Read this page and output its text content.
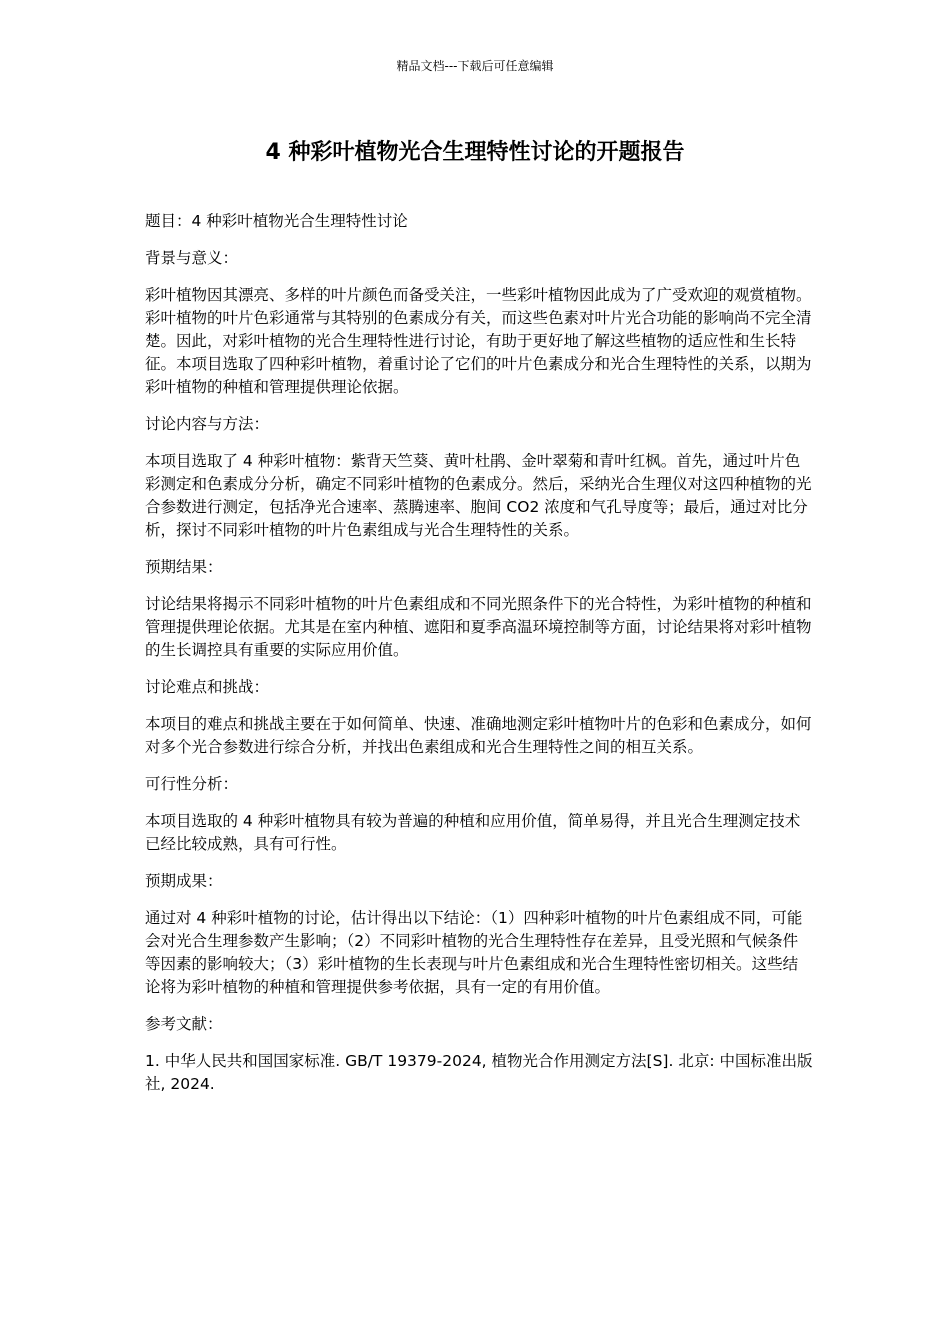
精品文档---下载后可任意编辑
4 种彩叶植物光合生理特性讨论的开题报告

题目：4 种彩叶植物光合生理特性讨论

背景与意义：

彩叶植物因其漂亮、多样的叶片颜色而备受关注，一些彩叶植物因此成为了广受欢迎的观赏植物。彩叶植物的叶片色彩通常与其特别的色素成分有关，而这些色素对叶片光合功能的影响尚不完全清楚。因此，对彩叶植物的光合生理特性进行讨论，有助于更好地了解这些植物的适应性和生长特征。本项目选取了四种彩叶植物，着重讨论了它们的叶片色素成分和光合生理特性的关系，以期为彩叶植物的种植和管理提供理论依据。

讨论内容与方法：

本项目选取了 4 种彩叶植物：紫背天竺葵、黄叶杜鹃、金叶翠菊和青叶红枫。首先，通过叶片色彩测定和色素成分分析，确定不同彩叶植物的色素成分。然后，采纳光合生理仪对这四种植物的光合参数进行测定，包括净光合速率、蒸腾速率、胞间 CO2 浓度和气孔导度等；最后，通过对比分析，探讨不同彩叶植物的叶片色素组成与光合生理特性的关系。

预期结果：

讨论结果将揭示不同彩叶植物的叶片色素组成和不同光照条件下的光合特性，为彩叶植物的种植和管理提供理论依据。尤其是在室内种植、遮阳和夏季高温环境控制等方面，讨论结果将对彩叶植物的生长调控具有重要的实际应用价值。

讨论难点和挑战：

本项目的难点和挑战主要在于如何简单、快速、准确地测定彩叶植物叶片的色彩和色素成分，如何对多个光合参数进行综合分析，并找出色素组成和光合生理特性之间的相互关系。

可行性分析：

本项目选取的 4 种彩叶植物具有较为普遍的种植和应用价值，简单易得，并且光合生理测定技术已经比较成熟，具有可行性。

预期成果：

通过对 4 种彩叶植物的讨论，估计得出以下结论：（1）四种彩叶植物的叶片色素组成不同，可能会对光合生理参数产生影响；（2）不同彩叶植物的光合生理特性存在差异，且受光照和气候条件等因素的影响较大；（3）彩叶植物的生长表现与叶片色素组成和光合生理特性密切相关。这些结论将为彩叶植物的种植和管理提供参考依据，具有一定的有用价值。

参考文献：

1. 中华人民共和国国家标准. GB/T 19379-2024, 植物光合作用测定方法[S]. 北京: 中国标准出版社, 2024.
